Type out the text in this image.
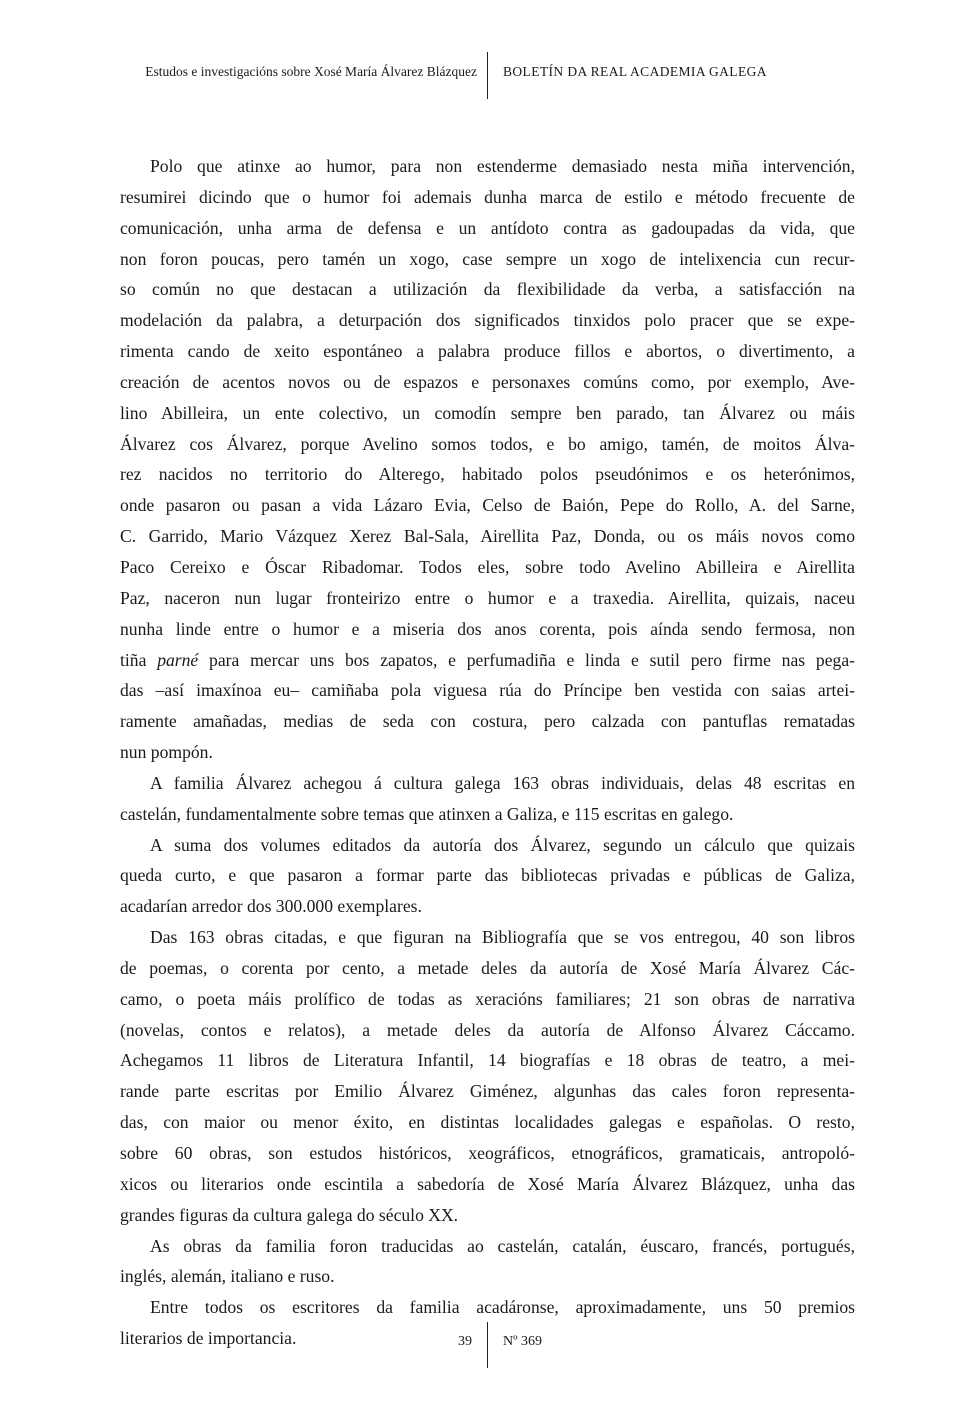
Estudos e investigacións sobre Xosé María Álvarez Blázquez BOLETÍN DA REAL ACADEMIA GALEGA
Polo que atinxe ao humor, para non estenderme demasiado nesta miña intervención,
resumirei dicindo que o humor foi ademais dunha marca de estilo e método frecuente de
comunicación, unha arma de defensa e un antídoto contra as gadoupadas da vida, que
non foron poucas, pero tamén un xogo, case sempre un xogo de intelixencia cun recur-
so común no que destacan a utilización da flexibilidade da verba, a satisfacción na
modelación da palabra, a deturpación dos significados tinxidos polo pracer que se expe-
rimenta cando de xeito espontáneo a palabra produce fillos e abortos, o divertimento, a
creación de acentos novos ou de espazos e personaxes comúns como, por exemplo, Ave-
lino Abilleira, un ente colectivo, un comodín sempre ben parado, tan Álvarez ou máis
Álvarez cos Álvarez, porque Avelino somos todos, e bo amigo, tamén, de moitos Álva-
rez nacidos no territorio do Alterego, habitado polos pseudónimos e os heterónimos,
onde pasaron ou pasan a vida Lázaro Evia, Celso de Baión, Pepe do Rollo, A. del Sarne,
C. Garrido, Mario Vázquez Xerez Bal-Sala, Airellita Paz, Donda, ou os máis novos como
Paco Cereixo e Óscar Ribadomar. Todos eles, sobre todo Avelino Abilleira e Airellita
Paz, naceron nun lugar fronteirizo entre o humor e a traxedia. Airellita, quizais, naceu
nunha linde entre o humor e a miseria dos anos corenta, pois aínda sendo fermosa, non
tiña parné para mercar uns bos zapatos, e perfumadiña e linda e sutil pero firme nas pega-
das –así imaxínoa eu– camiñaba pola viguesa rúa do Príncipe ben vestida con saias artei-
ramente amañadas, medias de seda con costura, pero calzada con pantuflas rematadas
nun pompón.
A familia Álvarez achegou á cultura galega 163 obras individuais, delas 48 escritas en
castelán, fundamentalmente sobre temas que atinxen a Galiza, e 115 escritas en galego.
A suma dos volumes editados da autoría dos Álvarez, segundo un cálculo que quizais
queda curto, e que pasaron a formar parte das bibliotecas privadas e públicas de Galiza,
acadarían arredor dos 300.000 exemplares.
Das 163 obras citadas, e que figuran na Bibliografía que se vos entregou, 40 son libros
de poemas, o corenta por cento, a metade deles da autoría de Xosé María Álvarez Các-
camo, o poeta máis prolífico de todas as xeracións familiares; 21 son obras de narrativa
(novelas, contos e relatos), a metade deles da autoría de Alfonso Álvarez Cáccamo.
Achegamos 11 libros de Literatura Infantil, 14 biografías e 18 obras de teatro, a mei-
rande parte escritas por Emilio Álvarez Giménez, algunhas das cales foron representa-
das, con maior ou menor éxito, en distintas localidades galegas e españolas. O resto,
sobre 60 obras, son estudos históricos, xeográficos, etnográficos, gramaticais, antropoló-
xicos ou literarios onde escintila a sabedoría de Xosé María Álvarez Blázquez, unha das
grandes figuras da cultura galega do século XX.
As obras da familia foron traducidas ao castelán, catalán, éuscaro, francés, portugués,
inglés, alemán, italiano e ruso.
Entre todos os escritores da familia acadáronse, aproximadamente, uns 50 premios
literarios de importancia.	39 Nº 369
